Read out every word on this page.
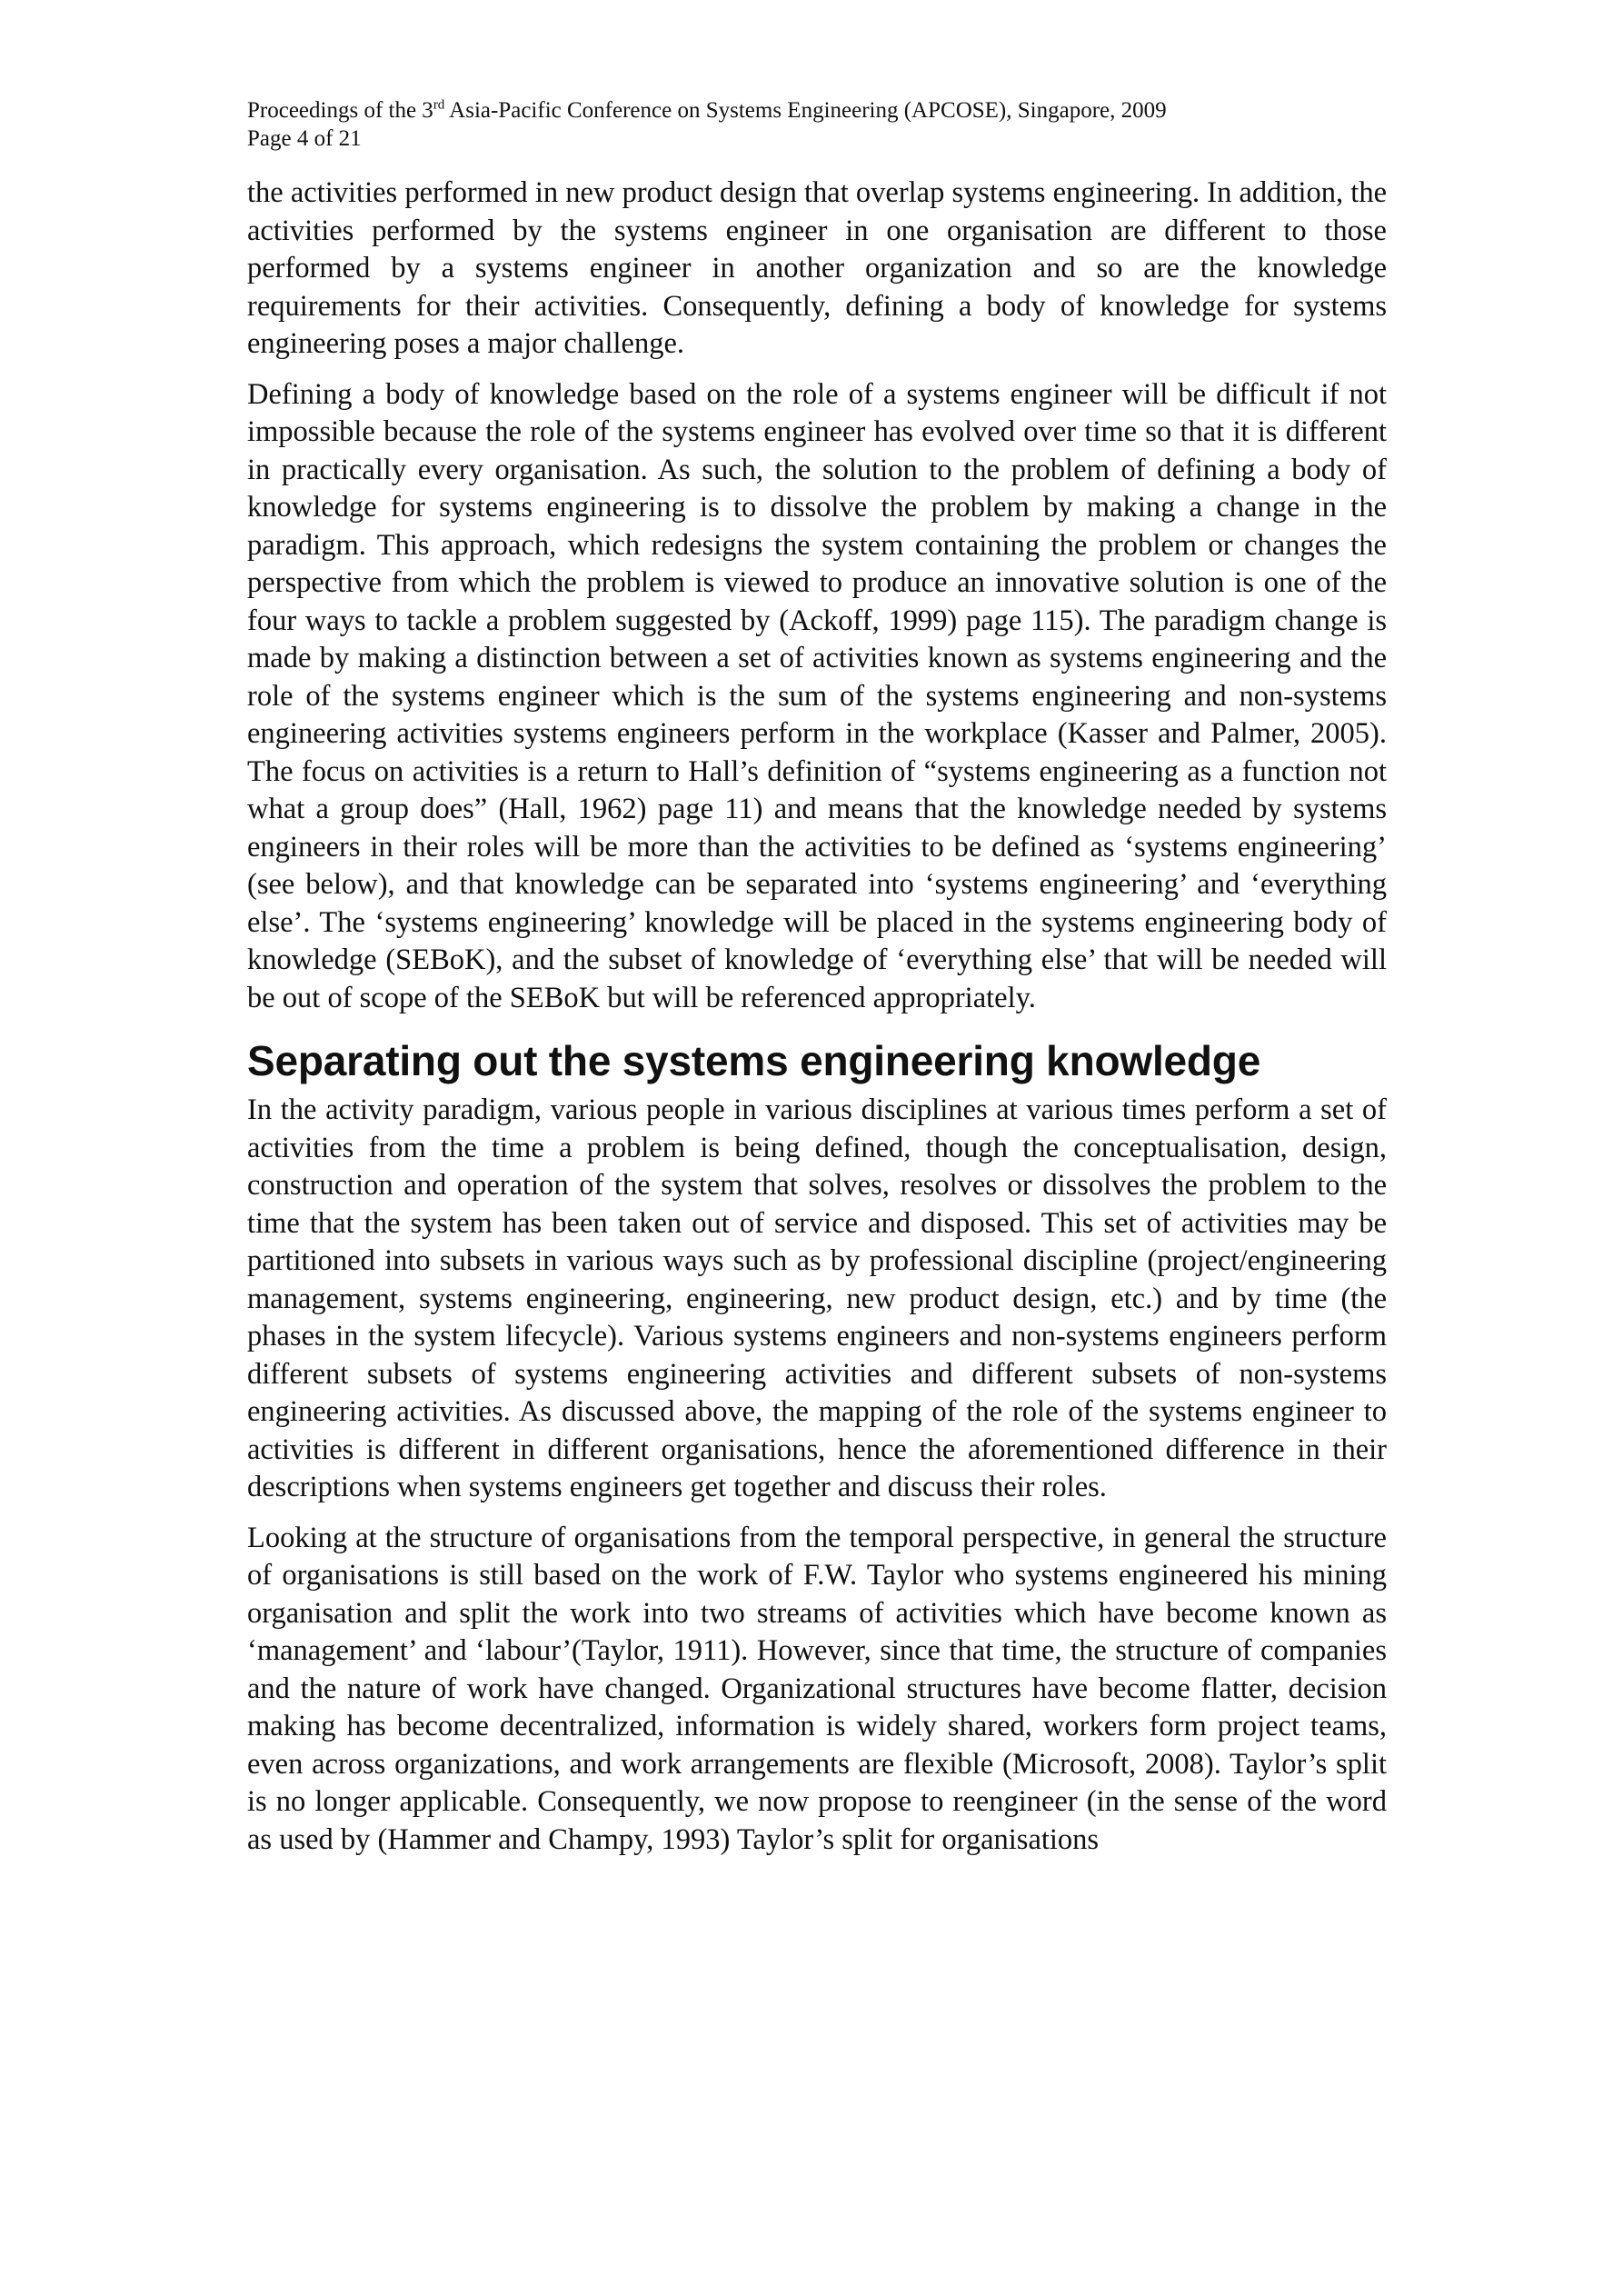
Proceedings of the 3rd Asia-Pacific Conference on Systems Engineering (APCOSE), Singapore, 2009
Page 4 of 21

the activities performed in new product design that overlap systems engineering. In addition, the activities performed by the systems engineer in one organisation are different to those performed by a systems engineer in another organization and so are the knowledge requirements for their activities. Consequently, defining a body of knowledge for systems engineering poses a major challenge.

Defining a body of knowledge based on the role of a systems engineer will be difficult if not impossible because the role of the systems engineer has evolved over time so that it is different in practically every organisation. As such, the solution to the problem of defining a body of knowledge for systems engineering is to dissolve the problem by making a change in the paradigm. This approach, which redesigns the system containing the problem or changes the perspective from which the problem is viewed to produce an innovative solution is one of the four ways to tackle a problem suggested by (Ackoff, 1999) page 115). The paradigm change is made by making a distinction between a set of activities known as systems engineering and the role of the systems engineer which is the sum of the systems engineering and non-systems engineering activities systems engineers perform in the workplace (Kasser and Palmer, 2005). The focus on activities is a return to Hall’s definition of “systems engineering as a function not what a group does” (Hall, 1962) page 11) and means that the knowledge needed by systems engineers in their roles will be more than the activities to be defined as ‘systems engineering’ (see below), and that knowledge can be separated into ‘systems engineering’ and ‘everything else’. The ‘systems engineering’ knowledge will be placed in the systems engineering body of knowledge (SEBoK), and the subset of knowledge of ‘everything else’ that will be needed will be out of scope of the SEBoK but will be referenced appropriately.

Separating out the systems engineering knowledge

In the activity paradigm, various people in various disciplines at various times perform a set of activities from the time a problem is being defined, though the conceptualisation, design, construction and operation of the system that solves, resolves or dissolves the problem to the time that the system has been taken out of service and disposed. This set of activities may be partitioned into subsets in various ways such as by professional discipline (project/engineering management, systems engineering, engineering, new product design, etc.) and by time (the phases in the system lifecycle). Various systems engineers and non-systems engineers perform different subsets of systems engineering activities and different subsets of non-systems engineering activities. As discussed above, the mapping of the role of the systems engineer to activities is different in different organisations, hence the aforementioned difference in their descriptions when systems engineers get together and discuss their roles.

Looking at the structure of organisations from the temporal perspective, in general the structure of organisations is still based on the work of F.W. Taylor who systems engineered his mining organisation and split the work into two streams of activities which have become known as ‘management’ and ‘labour’(Taylor, 1911). However, since that time, the structure of companies and the nature of work have changed. Organizational structures have become flatter, decision making has become decentralized, information is widely shared, workers form project teams, even across organizations, and work arrangements are flexible (Microsoft, 2008). Taylor’s split is no longer applicable. Consequently, we now propose to reengineer (in the sense of the word as used by (Hammer and Champy, 1993) Taylor’s split for organisations
